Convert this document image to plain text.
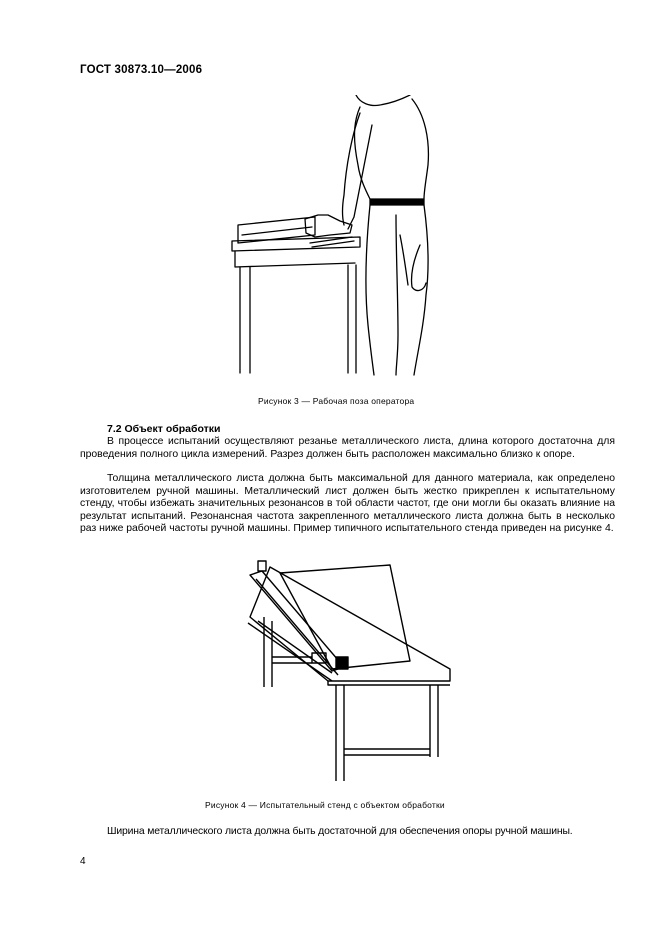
ГОСТ 30873.10—2006
Рисунок 3 — Рабочая поза оператора
7.2 Объект обработки

В процессе испытаний осуществляют резанье металлического листа, длина которого достаточна для проведения полного цикла измерений. Разрез должен быть расположен максимально близко к опоре.

Толщина металлического листа должна быть максимальной для данного материала, как определено изготовителем ручной машины. Металлический лист должен быть жестко прикреплен к испытательному стенду, чтобы избежать значительных резонансов в той области частот, где они могли бы оказать влияние на результат испытаний. Резонансная частота закрепленного металлического листа должна быть в несколько раз ниже рабочей частоты ручной машины. Пример типичного испытательного стенда приведен на рисунке 4.

Рисунок 4 — Испытательный стенд с объектом обработки
Ширина металлического листа должна быть достаточной для обеспечения опоры ручной машины.
4
